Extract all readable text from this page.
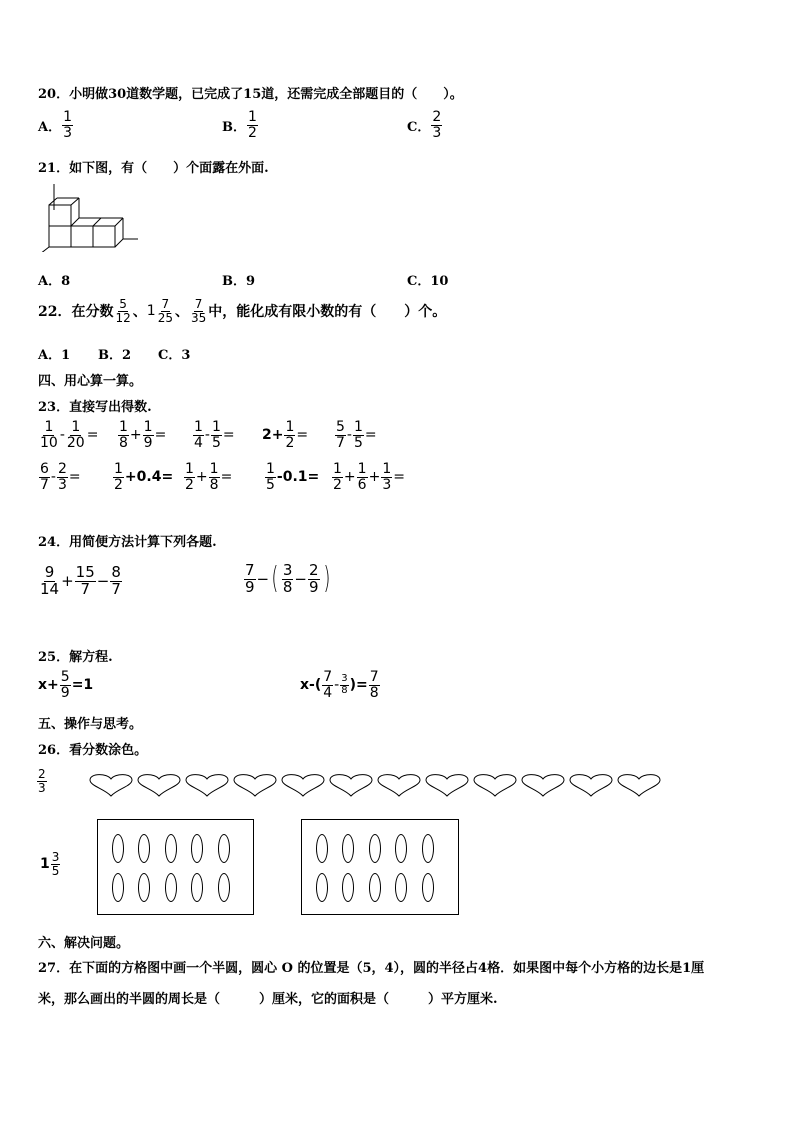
20．小明做30道数学题，已完成了15道，还需完成全部题目的（　　）。
A． $\frac{1}{3}$	B． $\frac{1}{2}$	C． $\frac{2}{3}$
21．如下图，有（　　）个面露在外面.
A．8	B．9	C．10
22．在分数 $\frac{5}{12}$ 、 $1 \frac{7}{25}$ 、 $\frac{7}{35}$ 中，能化成有限小数的有（　　）个。
A．1 B．2 C．3
四、用心算一算。
23．直接写出得数.
$\frac{1}{10} - \frac{1}{20} = \frac{1}{8} + \frac{1}{9} = \frac{1}{4} - \frac{1}{5} = 2+ \frac{1}{2} = \frac{5}{7} - \frac{1}{5}$ =
$\frac{6}{7} - \frac{2}{3} = \frac{1}{2} +0.4= \frac{1}{2} + \frac{1}{8} = \frac{1}{5} -0.1= \frac{1}{2} + \frac{1}{6} + \frac{1}{3}$ =
24．用简便方法计算下列各题.
$\frac{9}{14} + \frac{15}{7} - \frac{8}{7}$	$\frac{7}{9}$ − ( $\frac{3}{8} - \frac{2}{9}$ )
25．解方程.
$x+ \frac{5}{9} =1$	$x-( \frac{7}{4} - \frac{3}{8}$ )= $\frac{7}{8}$
五、操作与思考。
26．看分数涂色。
$\frac{2}{3}$
$1 \frac{3}{5}$
六、解决问题。
27．在下面的方格图中画一个半圆，圆心 O 的位置是（5，4），圆的半径占4格．如果图中每个小方格的边长是1厘
米，那么画出的半圆的周长是（　　　）厘米，它的面积是（　　　）平方厘米.
